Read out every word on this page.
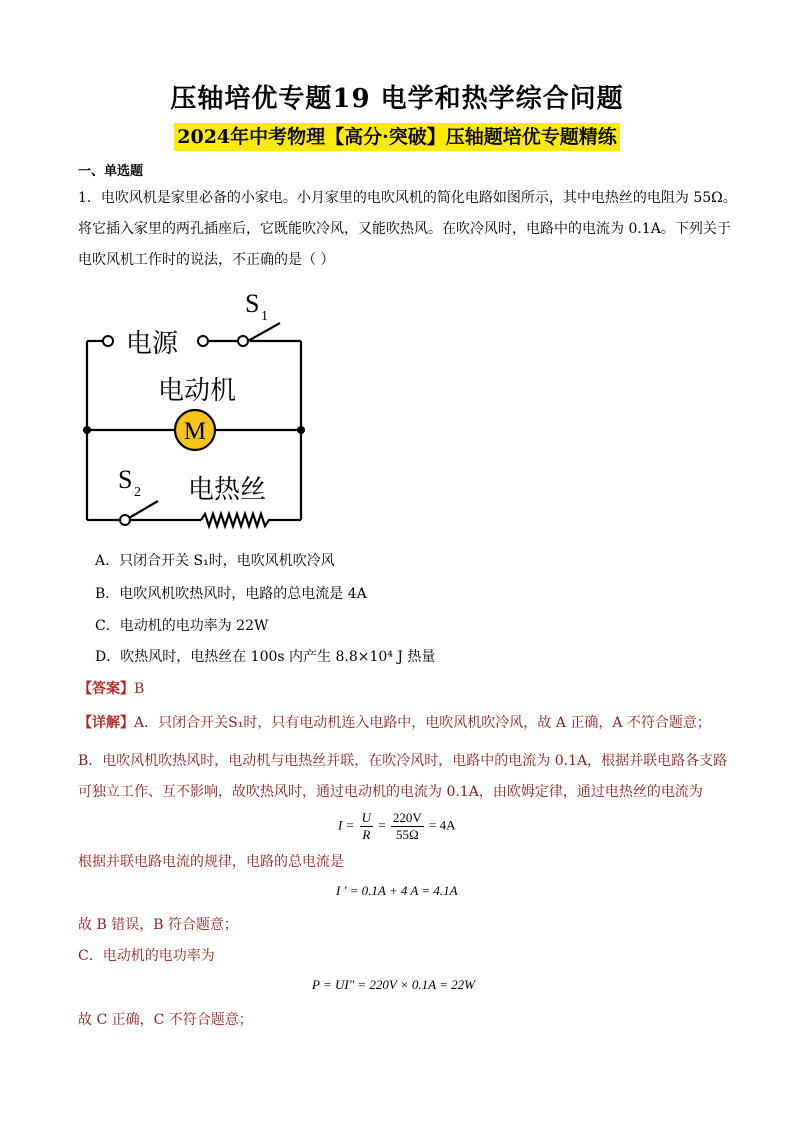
压轴培优专题19 电学和热学综合问题
2024年中考物理【高分·突破】压轴题培优专题精练
一、单选题
1．电吹风机是家里必备的小家电。小月家里的电吹风机的简化电路如图所示，其中电热丝的电阻为 55Ω。
将它插入家里的两孔插座后，它既能吹冷风，又能吹热风。在吹冷风时，电路中的电流为 0.1A。下列关于
电吹风机工作时的说法，不正确的是（ ）
M
电源
电动机
电热丝
S 1
S 2
A．只闭合开关 S₁时，电吹风机吹冷风
B．电吹风机吹热风时，电路的总电流是 4A
C．电动机的电功率为 22W
D．吹热风时，电热丝在 100s 内产生 8.8×10⁴ J 热量
【答案】B
【详解】A．只闭合开关S₁时，只有电动机连入电路中，电吹风机吹冷风，故 A 正确，A 不符合题意；
B．电吹风机吹热风时，电动机与电热丝并联，在吹冷风时，电路中的电流为 0.1A，根据并联电路各支路
可独立工作、互不影响，故吹热风时，通过电动机的电流为 0.1A，由欧姆定律，通过电热丝的电流为
$I = \frac{U}{R} = \frac{220V}{55\Omega} = 4A$
根据并联电路电流的规律，电路的总电流是
I ' = 0.1A + 4 A = 4.1A
故 B 错误，B 符合题意；
C．电动机的电功率为
P = UI" = 220V × 0.1A = 22W
故 C 正确，C 不符合题意；
